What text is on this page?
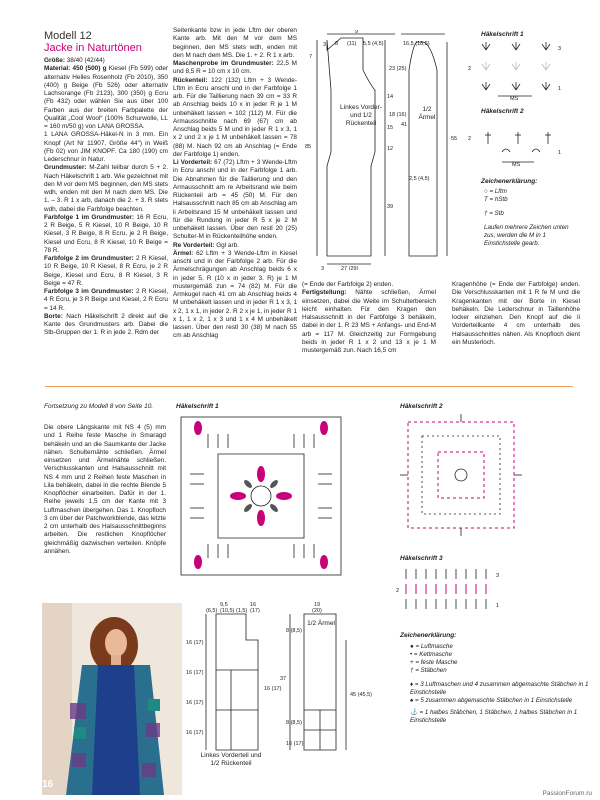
Modell 12
Jacke in Naturtönen
Größe: 38/40 (42/44)
Material: 450 (500) g Kiesel (Fb 599) oder alternativ Helles Rosenholz (Fb 2010), 350 (400) g Beige (Fb 526) oder alternativ Lachsorange (Fb 2123), 300 (350) g Ecru (Fb 432) oder wählen Sie aus über 100 Farben aus der breiten Farbpalette der Qualität „Cool Wool“ (100% Schurwolle, LL = 160 m/50 g) von LANA GROSSA.
1 LANA GROSSA-Häkel-N in 3 mm. Ein Knopf (Art Nr 11907, Größe 44") in Weiß (Fb 02) von JIM KNOPF. Ca 180 (190) cm Lederschnur in Natur.
Grundmuster: M-Zahl teilbar durch 5 + 2. Nach Häkelschrift 1 arb. Wie gezeichnet mit den M vor dem MS beginnen, den MS stets wdh, enden mit den M nach dem MS. Die 1. – 3. R 1 x arb, danach die 2. + 3. R stets wdh, dabei die Farbfolge beachten.
Farbfolge 1 im Grundmuster: 16 R Ecru, 2 R Beige, 5 R Kiesel, 10 R Beige, 10 R Kiesel, 3 R Beige, 8 R Ecru, je 2 R Beige, Kiesel und Ecru, 8 R Kiesel, 10 R Beige = 78 R.
Farbfolge 2 im Grundmuster: 2 R Kiesel, 10 R Beige, 10 R Kiesel, 8 R Ecru, je 2 R Beige, Kiesel und Ecru, 8 R Kiesel, 3 R Beige = 47 R.
Farbfolge 3 im Grundmuster: 2 R Kiesel, 4 R Ecru, je 3 R Beige und Kiesel, 2 R Ecru = 14 R.
Borte: Nach Häkelschrift 2 direkt auf die Kante des Grundmusters arb. Dabei die Stb-Gruppen der 1. R in jede 2. Rdm der
Seitenkante bzw in jede Lftm der oberen Kante arb. Mit den M vor dem MS beginnen, den MS stets wdh, enden mit den M nach dem MS. Die 1. + 2. R 1 x arb.
Maschenprobe im Grundmuster: 22,5 M und 8,5 R = 10 cm x 10 cm.
Rückenteil: 122 (132) Lftm + 3 Wende-Lftm in Ecru anschl und in der Farbfolge 1 arb. Für die Taillierung nach 39 cm = 33 R ab Anschlag beids 10 x in jeder R je 1 M unbehäkelt lassen = 102 (112) M. Für die Armausschnitte nach 69 (67) cm ab Anschlag beids 5 M und in jeder R 1 x 3, 1 x 2 und 2 x je 1 M unbehäkelt lassen = 78 (88) M. Nach 92 cm ab Anschlag (= Ende der Farbfolge 1) enden.
Li Vorderteil: 67 (72) Lftm + 3 Wende-Lftm in Ecru anschl und in der Farbfolge 1 arb. Die Abnahmen für die Taillierung und den Armausschnitt am re Arbeitsrand wie beim Rückenteil arb = 45 (50) M. Für den Halsausschnitt nach 85 cm ab Anschlag am li Arbeitsrand 15 M unbehäkelt lassen und für die Rundung in jeder R 5 x je 2 M unbehäkelt lassen. Über den restl 20 (25) Schulter-M in Rückenteilhöhe enden.
Re Vorderteil: Ggl arb.
Ärmel: 62 Lftm + 3 Wende-Lftm in Kiesel anschl und in der Farbfolge 2 arb. Für die Ärmelschrägungen ab Anschlag beids 6 x in jeder 5. R (10 x in jeder 3. R) je 1 M mustergemäß zun = 74 (82) M. Für die Armkugel nach 41 cm ab Anschlag beids 4 M unbehäkelt lassen und in jeder R 1 x 3, 1 x 2, 1 x 1, in jeder 2. R 2 x je 1, in jeder R 1 x 1, 1 x 2, 1 x 3 und 1 x 4 M unbehäkelt lassen. Über den restl 30 (38) M nach 55 cm ab Anschlag
(= Ende der Farbfolge 2) enden.
Fertigstellung: Nähte schließen, Ärmel einsetzen, dabei die Weite im Schulterbereich leicht einhalten. Für den Kragen den Halsausschnitt in der Farbfolge 3 behäkeln, dabei in der 1. R 23 MS + Anfangs- und End-M arb = 117 M. Gleichzeitig zur Formgebung beids in jeder R 1 x 2 und 13 x je 1 M mustergemäß zun. Nach 16,5 cm
Kragenhöhe (= Ende der Farbfolge) enden. Die Verschlusskanten mit 1 R fe M und die Kragenkanten mit der Borte in Kiesel behäkeln. Die Lederschnur in Taillenhöhe locker einziehen. Den Knopf auf die li Vorderteilkante 4 cm unterhalb des Halsausschnittes nähen. Als Knopfloch dient ein Musterloch.
3 8 (11) 5,5 (4,5)	16,5 (18,5)
9
7
85
39
14
12
15
23 (25)
18 (16)
41
2,5 (4,5)
55
3	27 (29)
Linkes Vorder- und 1/2 Rückenteil
1/2 Ärmel
Häkelschrift 1
3
2
1
MS
Häkelschrift 2
2
1
MS
Zeichenerklärung:
○ = Lftm
T = hStb
† = Stb
Laufen mehrere Zeichen unten zus, werden die M in 1 Einstichstelle gearb.
Fortsetzung zu Modell 8 von Seite 10.
Die obere Längskante mit NS 4 (5) mm und 1 Reihe feste Masche in Smaragd behäkeln und an die Saumkante der Jacke nähen. Schulternähte schließen. Ärmel einsetzen und Ärmelnähte schließen. Verschlusskanten und Halsausschnitt mit NS 4 mm und 2 Reihen feste Maschen in Lila behäkeln, dabei in die rechte Blende 5 Knopflöcher einarbeiten. Dafür in der 1. Reihe jeweils 1,5 cm der Kante mit 3 Luftmaschen übergehen. Das 1. Knopfloch 3 cm über der Patchworkblende, das letzte 2 cm unterhalb des Halsausschnittbeginns arbeiten. Die restlichen Knopflöcher gleichmäßig dazwischen verteilen. Knöpfe annähen.
Häkelschrift 1	Häkelschrift 2
Häkelschrift 3
3
2
1
Zeichenerklärung:
● = Luftmasche
• = Kettmasche
+ = feste Masche
† = Stäbchen
♦ = 3 Luftmaschen und 4 zusammen abgemaschte Stäbchen in 1 Einstichstelle
♠ = 5 zusammen abgemaschte Stäbchen in 1 Einstichstelle
⚓ = 1 halbes Stäbchen, 1 Stäbchen, 1 halbes Stäbchen in 1 Einstichstelle
9,5
(6,5) (10,5) (1,5)
16
(17)
19
(20)
16 (17)
16 (17)
16 (17)
16 (17)
16 (17)
8 (8,5)
8 (8,5)
37
16 (17)
45 (45,5)
Linkes Vorderteil und 1/2 Rückenteil
1/2 Ärmel
16
PassionForum.ru
